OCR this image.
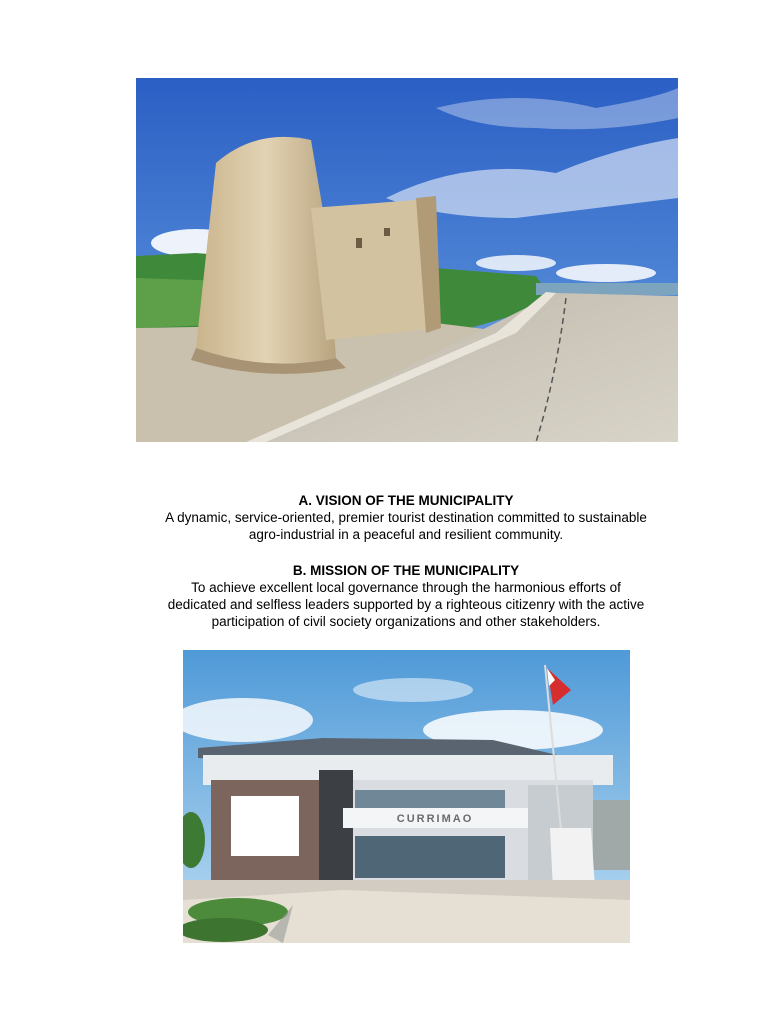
A. VISION OF THE MUNICIPALITY

A dynamic, service-oriented, premier tourist destination committed to sustainable

agro-industrial in a peaceful and resilient community.

B. MISSION OF THE MUNICIPALITY

To achieve excellent local governance through the harmonious efforts of

dedicated and selfless leaders supported by a righteous citizenry with the active

participation of civil society organizations and other stakeholders.

CURRIMAO
